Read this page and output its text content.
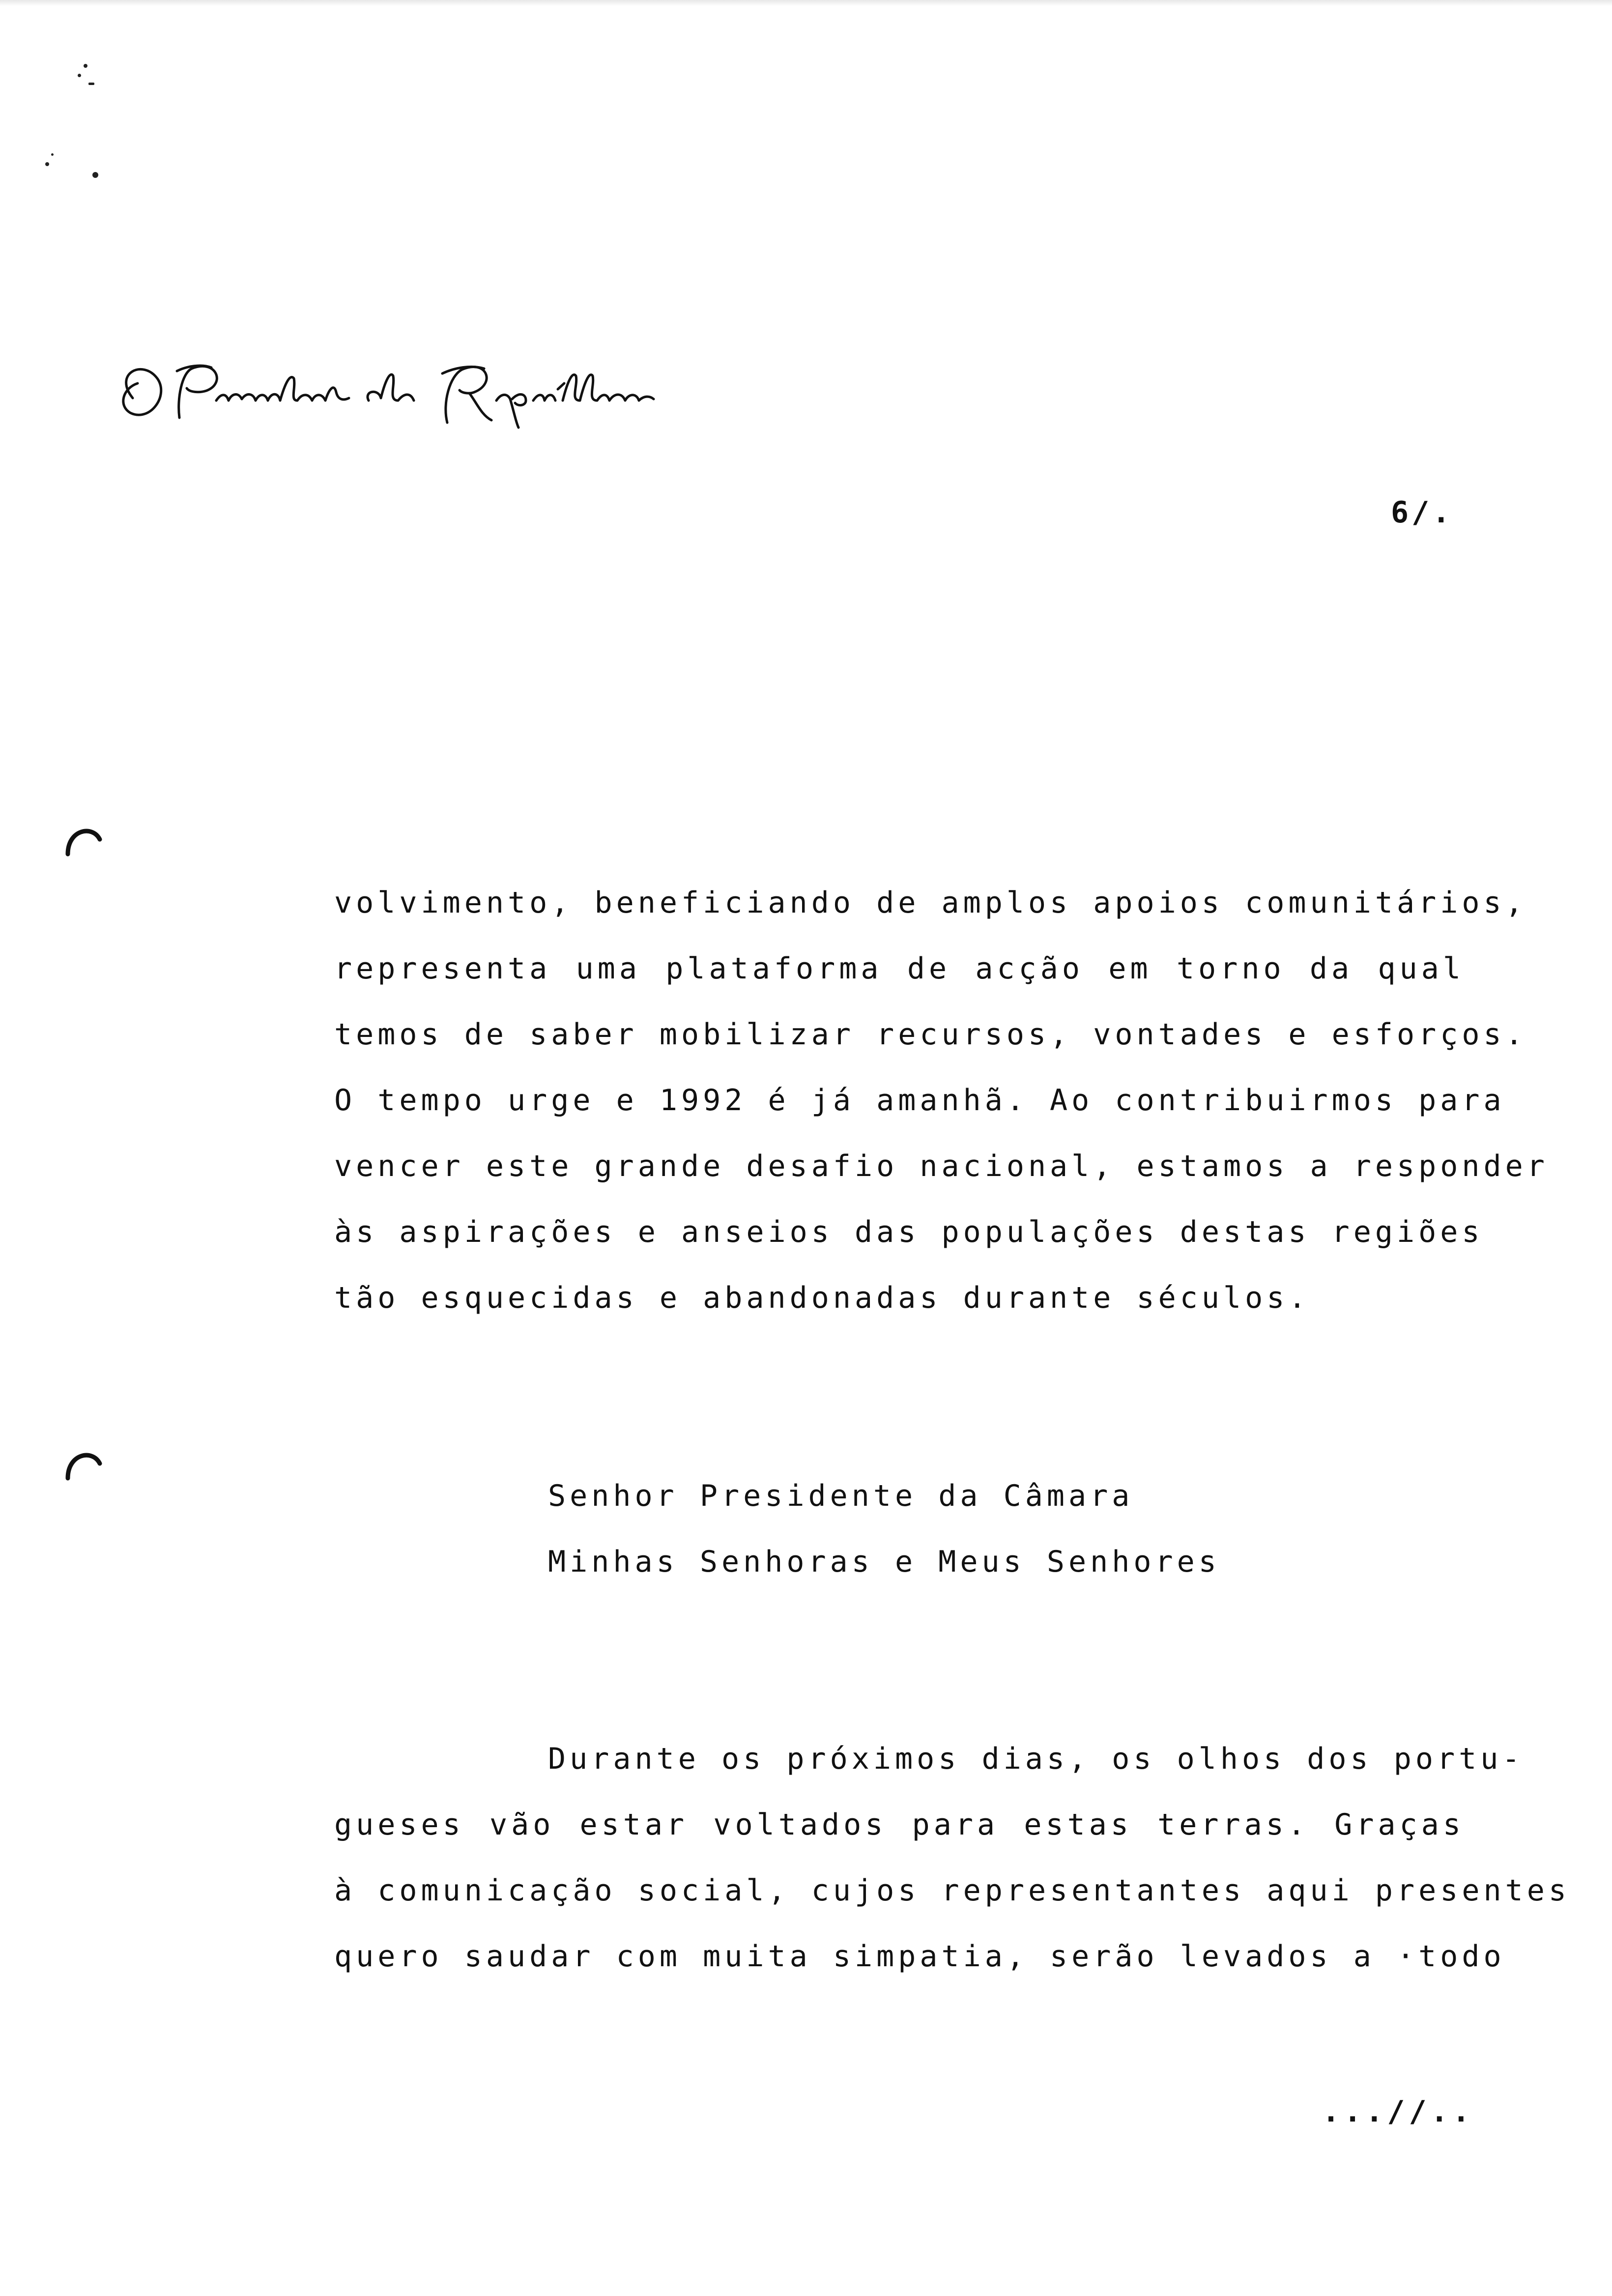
6/.
volvimento, beneficiando de amplos apoios comunitários,
representa uma plataforma de acção em torno da qual
temos de saber mobilizar recursos, vontades e esforços.
O tempo urge e 1992 é já amanhã. Ao contribuirmos para
vencer este grande desafio nacional, estamos a responder
às aspirações e anseios das populações destas regiões
tão esquecidas e abandonadas durante séculos.
Senhor Presidente da Câmara
Minhas Senhoras e Meus Senhores
Durante os próximos dias, os olhos dos portu-
gueses vão estar voltados para estas terras. Graças
à comunicação social, cujos representantes aqui presentes
quero saudar com muita simpatia, serão levados a ·todo
...//..
